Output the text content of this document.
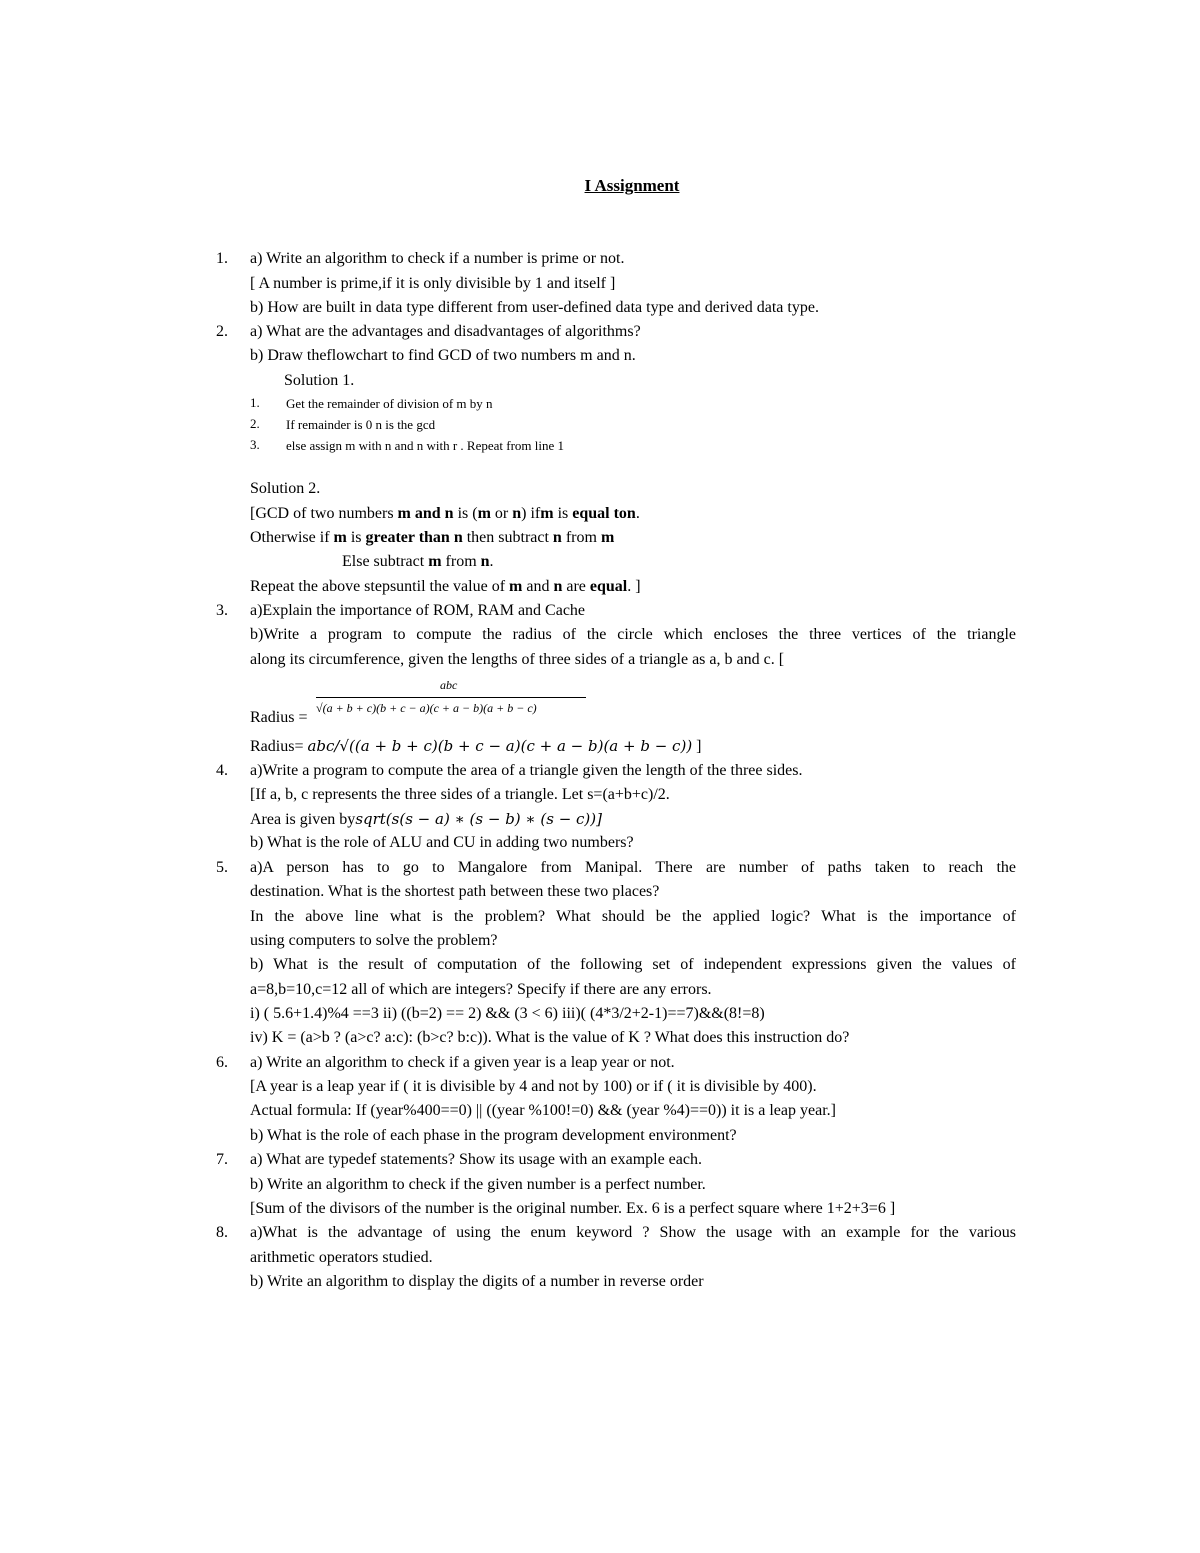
I Assignment
1. a) Write an algorithm to check if a number is prime or not.
[ A number is prime,if it is only divisible by 1 and itself ]
b) How are built in data type different from user-defined data type and derived data type.
2. a) What are the advantages and disadvantages of algorithms?
b) Draw theflowchart to find GCD of two numbers m and n.
Solution 1.
1. Get the remainder of division of m by n
2. If remainder is 0 n is the gcd
3. else assign m with n and n with r . Repeat from line 1
Solution 2.
[GCD of two numbers m and n is (m or n) ifm is equal ton.
Otherwise if m is greater than n then subtract n from m
Else subtract m from n.
Repeat the above stepsuntil the value of m and n are equal. ]
3. a)Explain the importance of ROM, RAM and Cache
b)Write a program to compute the radius of the circle which encloses the three vertices of the triangle
along its circumference, given the lengths of three sides of a triangle as a, b and c. [
abc
√(a + b + c)(b + c − a)(c + a − b)(a + b − c)
Radius =
Radius= abc/√((a + b + c)(b + c − a)(c + a − b)(a + b − c)) ]
4. a)Write a program to compute the area of a triangle given the length of the three sides.
[If a, b, c represents the three sides of a triangle. Let s=(a+b+c)/2.
Area is given bysqrt(s(s − a) ∗ (s − b) ∗ (s − c))]
b) What is the role of ALU and CU in adding two numbers?
5. a)A person has to go to Mangalore from Manipal. There are number of paths taken to reach the
destination. What is the shortest path between these two places?
In the above line what is the problem? What should be the applied logic? What is the importance of
using computers to solve the problem?
b) What is the result of computation of the following set of independent expressions given the values of
a=8,b=10,c=12 all of which are integers? Specify if there are any errors.
i) ( 5.6+1.4)%4 ==3 ii) ((b=2) == 2) && (3 < 6) iii)( (4*3/2+2-1)==7)&&(8!=8)
iv) K = (a>b ? (a>c? a:c): (b>c? b:c)). What is the value of K ? What does this instruction do?
6. a) Write an algorithm to check if a given year is a leap year or not.
[A year is a leap year if ( it is divisible by 4 and not by 100) or if ( it is divisible by 400).
Actual formula: If (year%400==0) || ((year %100!=0) && (year %4)==0)) it is a leap year.]
b) What is the role of each phase in the program development environment?
7. a) What are typedef statements? Show its usage with an example each.
b) Write an algorithm to check if the given number is a perfect number.
[Sum of the divisors of the number is the original number. Ex. 6 is a perfect square where 1+2+3=6 ]
8. a)What is the advantage of using the enum keyword ? Show the usage with an example for the various
arithmetic operators studied.
b) Write an algorithm to display the digits of a number in reverse order
